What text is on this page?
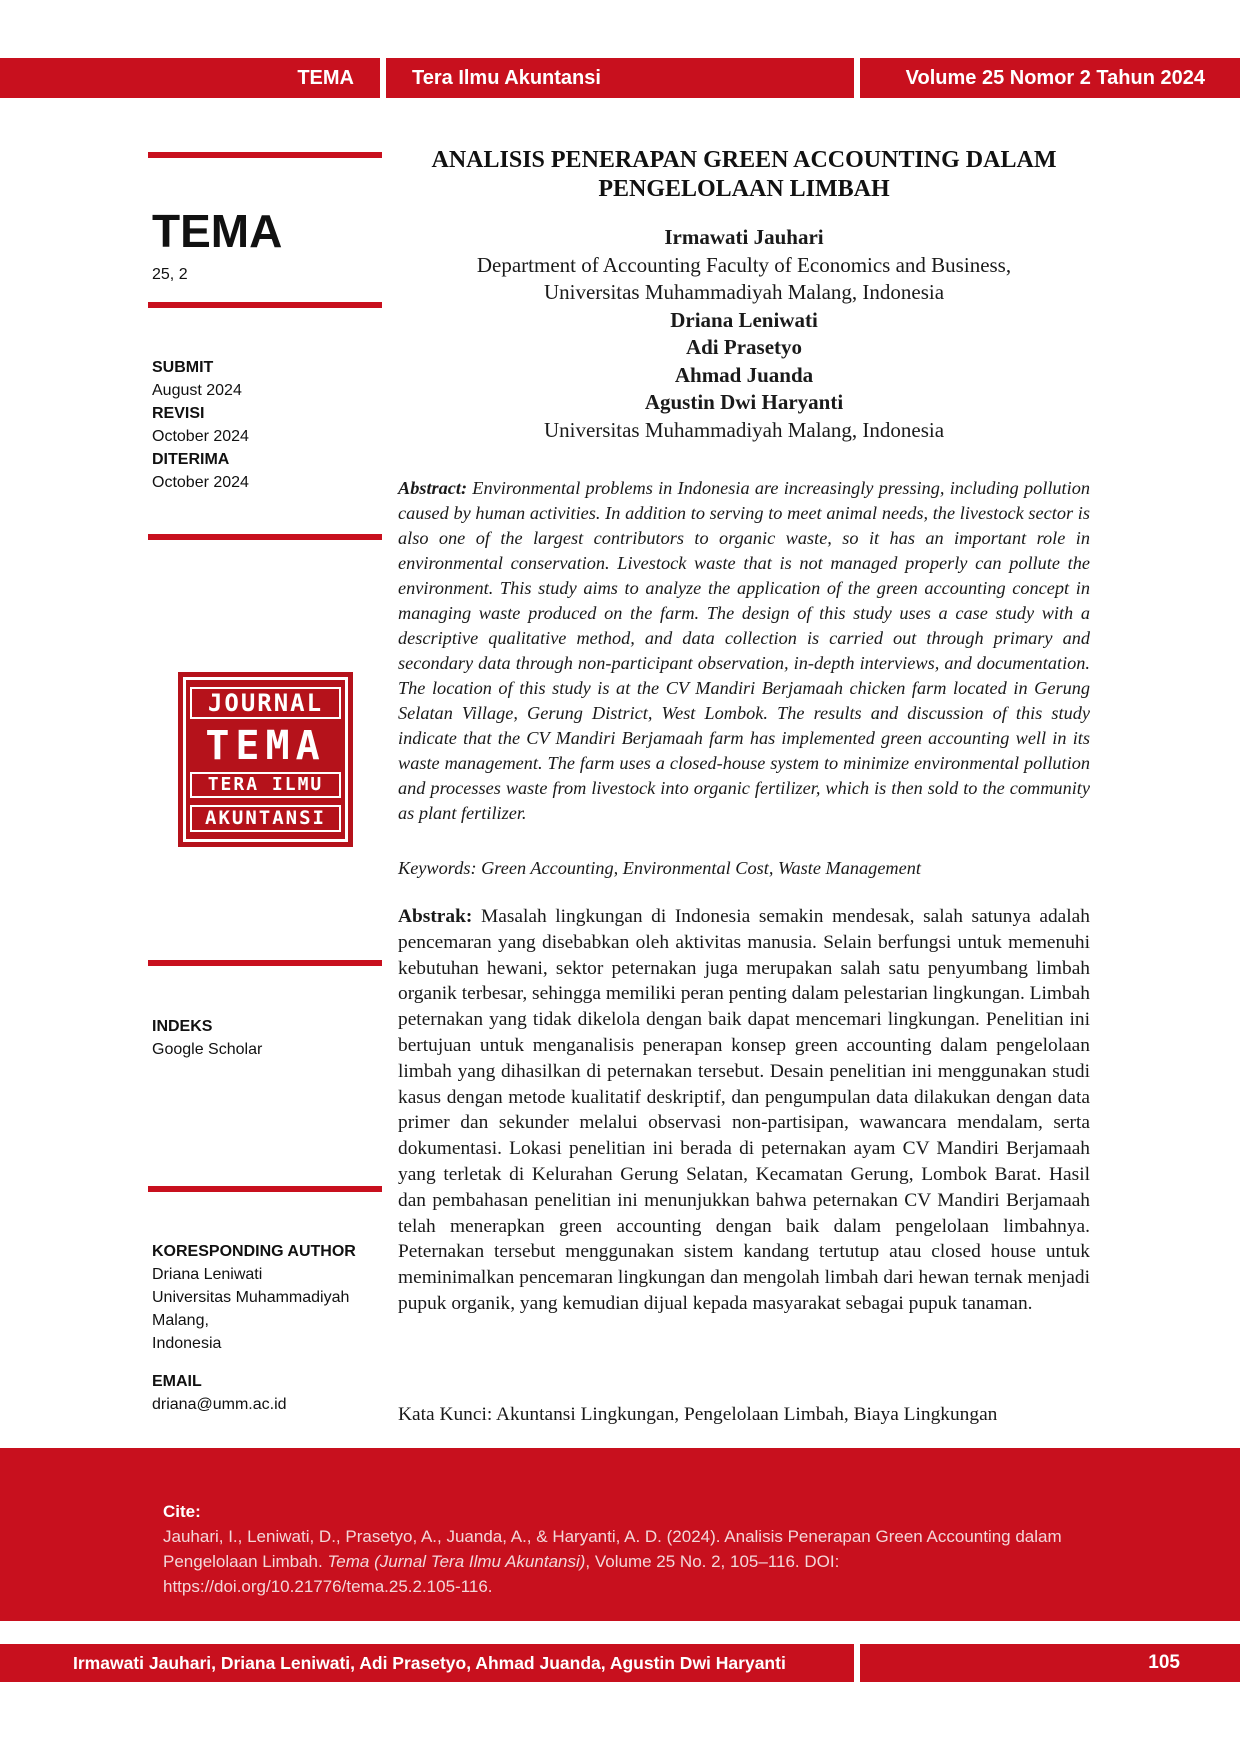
TEMA	Tera Ilmu Akuntansi	Volume 25 Nomor 2 Tahun 2024
TEMA
25, 2
SUBMIT
August 2024
REVISI
October 2024
DITERIMA
October 2024
JOURNAL
TEMA
TERA ILMU
AKUNTANSI
INDEKS
Google Scholar
KORESPONDING AUTHOR
Driana Leniwati
Universitas Muhammadiyah
Malang,
Indonesia
EMAIL
driana@umm.ac.id
ANALISIS PENERAPAN GREEN ACCOUNTING DALAM
PENGELOLAAN LIMBAH
Irmawati Jauhari
Department of Accounting Faculty of Economics and Business,
Universitas Muhammadiyah Malang, Indonesia
Driana Leniwati
Adi Prasetyo
Ahmad Juanda
Agustin Dwi Haryanti
Universitas Muhammadiyah Malang, Indonesia
Abstract: Environmental problems in Indonesia are increasingly pressing, including pollution caused by human activities. In addition to serving to meet animal needs, the livestock sector is also one of the largest contributors to organic waste, so it has an important role in environmental conservation. Livestock waste that is not managed properly can pollute the environment. This study aims to analyze the application of the green accounting concept in managing waste produced on the farm. The design of this study uses a case study with a descriptive qualitative method, and data collection is carried out through primary and secondary data through non-participant observation, in-depth interviews, and documentation. The location of this study is at the CV Mandiri Berjamaah chicken farm located in Gerung Selatan Village, Gerung District, West Lombok. The results and discussion of this study indicate that the CV Mandiri Berjamaah farm has implemented green accounting well in its waste management. The farm uses a closed-house system to minimize environmental pollution and processes waste from livestock into organic fertilizer, which is then sold to the community as plant fertilizer.
Keywords: Green Accounting, Environmental Cost, Waste Management
Abstrak: Masalah lingkungan di Indonesia semakin mendesak, salah satunya adalah pencemaran yang disebabkan oleh aktivitas manusia. Selain berfungsi untuk memenuhi kebutuhan hewani, sektor peternakan juga merupakan salah satu penyumbang limbah organik terbesar, sehingga memiliki peran penting dalam pelestarian lingkungan. Limbah peternakan yang tidak dikelola dengan baik dapat mencemari lingkungan. Penelitian ini bertujuan untuk menganalisis penerapan konsep green accounting dalam pengelolaan limbah yang dihasilkan di peternakan tersebut. Desain penelitian ini menggunakan studi kasus dengan metode kualitatif deskriptif, dan pengumpulan data dilakukan dengan data primer dan sekunder melalui observasi non-partisipan, wawancara mendalam, serta dokumentasi. Lokasi penelitian ini berada di peternakan ayam CV Mandiri Berjamaah yang terletak di Kelurahan Gerung Selatan, Kecamatan Gerung, Lombok Barat. Hasil dan pembahasan penelitian ini menunjukkan bahwa peternakan CV Mandiri Berjamaah telah menerapkan green accounting dengan baik dalam pengelolaan limbahnya. Peternakan tersebut menggunakan sistem kandang tertutup atau closed house untuk meminimalkan pencemaran lingkungan dan mengolah limbah dari hewan ternak menjadi pupuk organik, yang kemudian dijual kepada masyarakat sebagai pupuk tanaman.
Kata Kunci: Akuntansi Lingkungan, Pengelolaan Limbah, Biaya Lingkungan
Cite:
Jauhari, I., Leniwati, D., Prasetyo, A., Juanda, A., & Haryanti, A. D. (2024). Analisis Penerapan Green Accounting dalam Pengelolaan Limbah. Tema (Jurnal Tera Ilmu Akuntansi), Volume 25 No. 2, 105–116. DOI: https://doi.org/10.21776/tema.25.2.105-116.
Irmawati Jauhari, Driana Leniwati, Adi Prasetyo, Ahmad Juanda, Agustin Dwi Haryanti	105
